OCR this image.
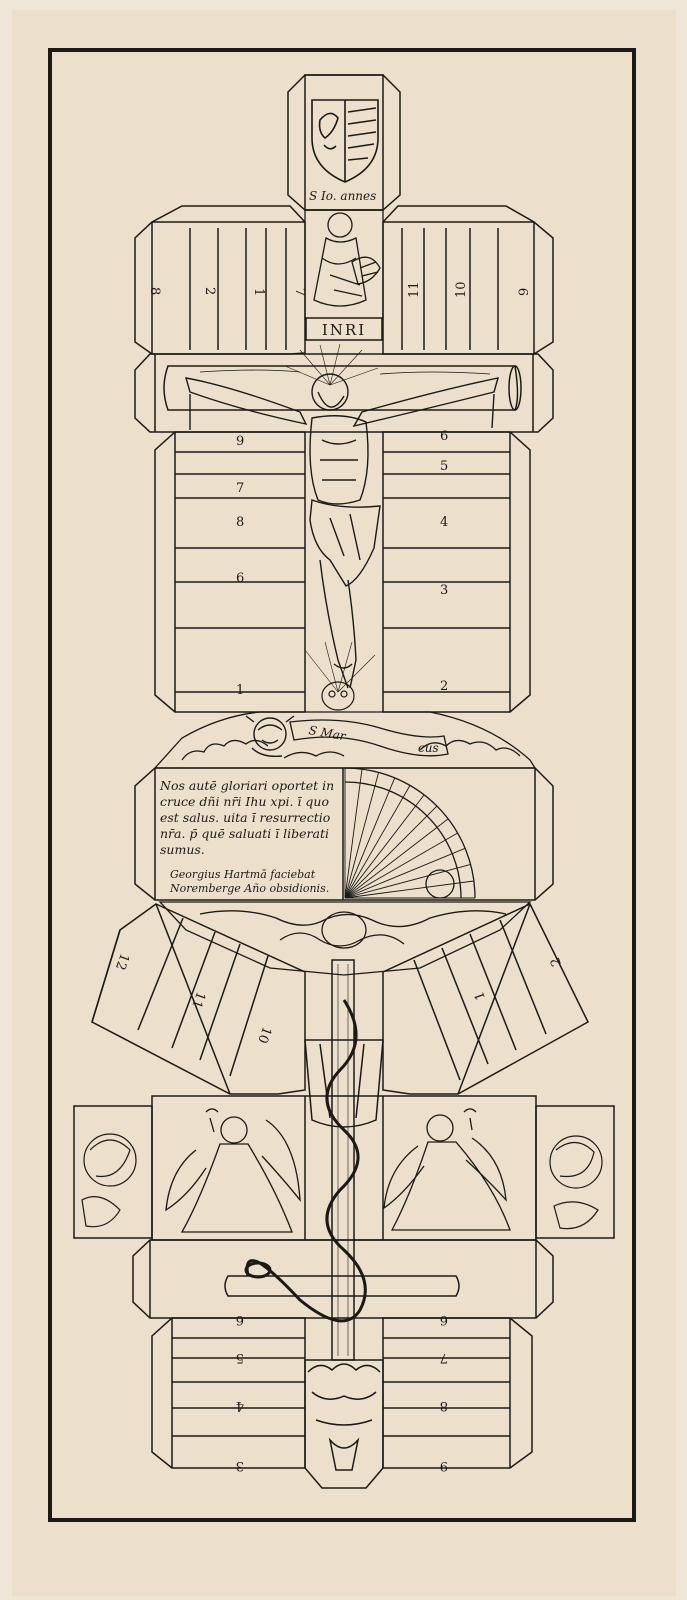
S Io. annes
8	2	1 7	11 10	9
INRI
9
7
8
6
1
6
5
4
3
2
S Mar
cus
Nos autē gloriari oportet in
cruce dñi nr̄i Ihu xpi. ī quo
est salus. uita ī resurrectio
nr̄a. p̄ quē saluati ī liberati
sumus.
Georgius Hartmā faciebat
Noremberge Año obsidionis.
12
11
10
1
2
3
4
5
6	6
7
8
9
